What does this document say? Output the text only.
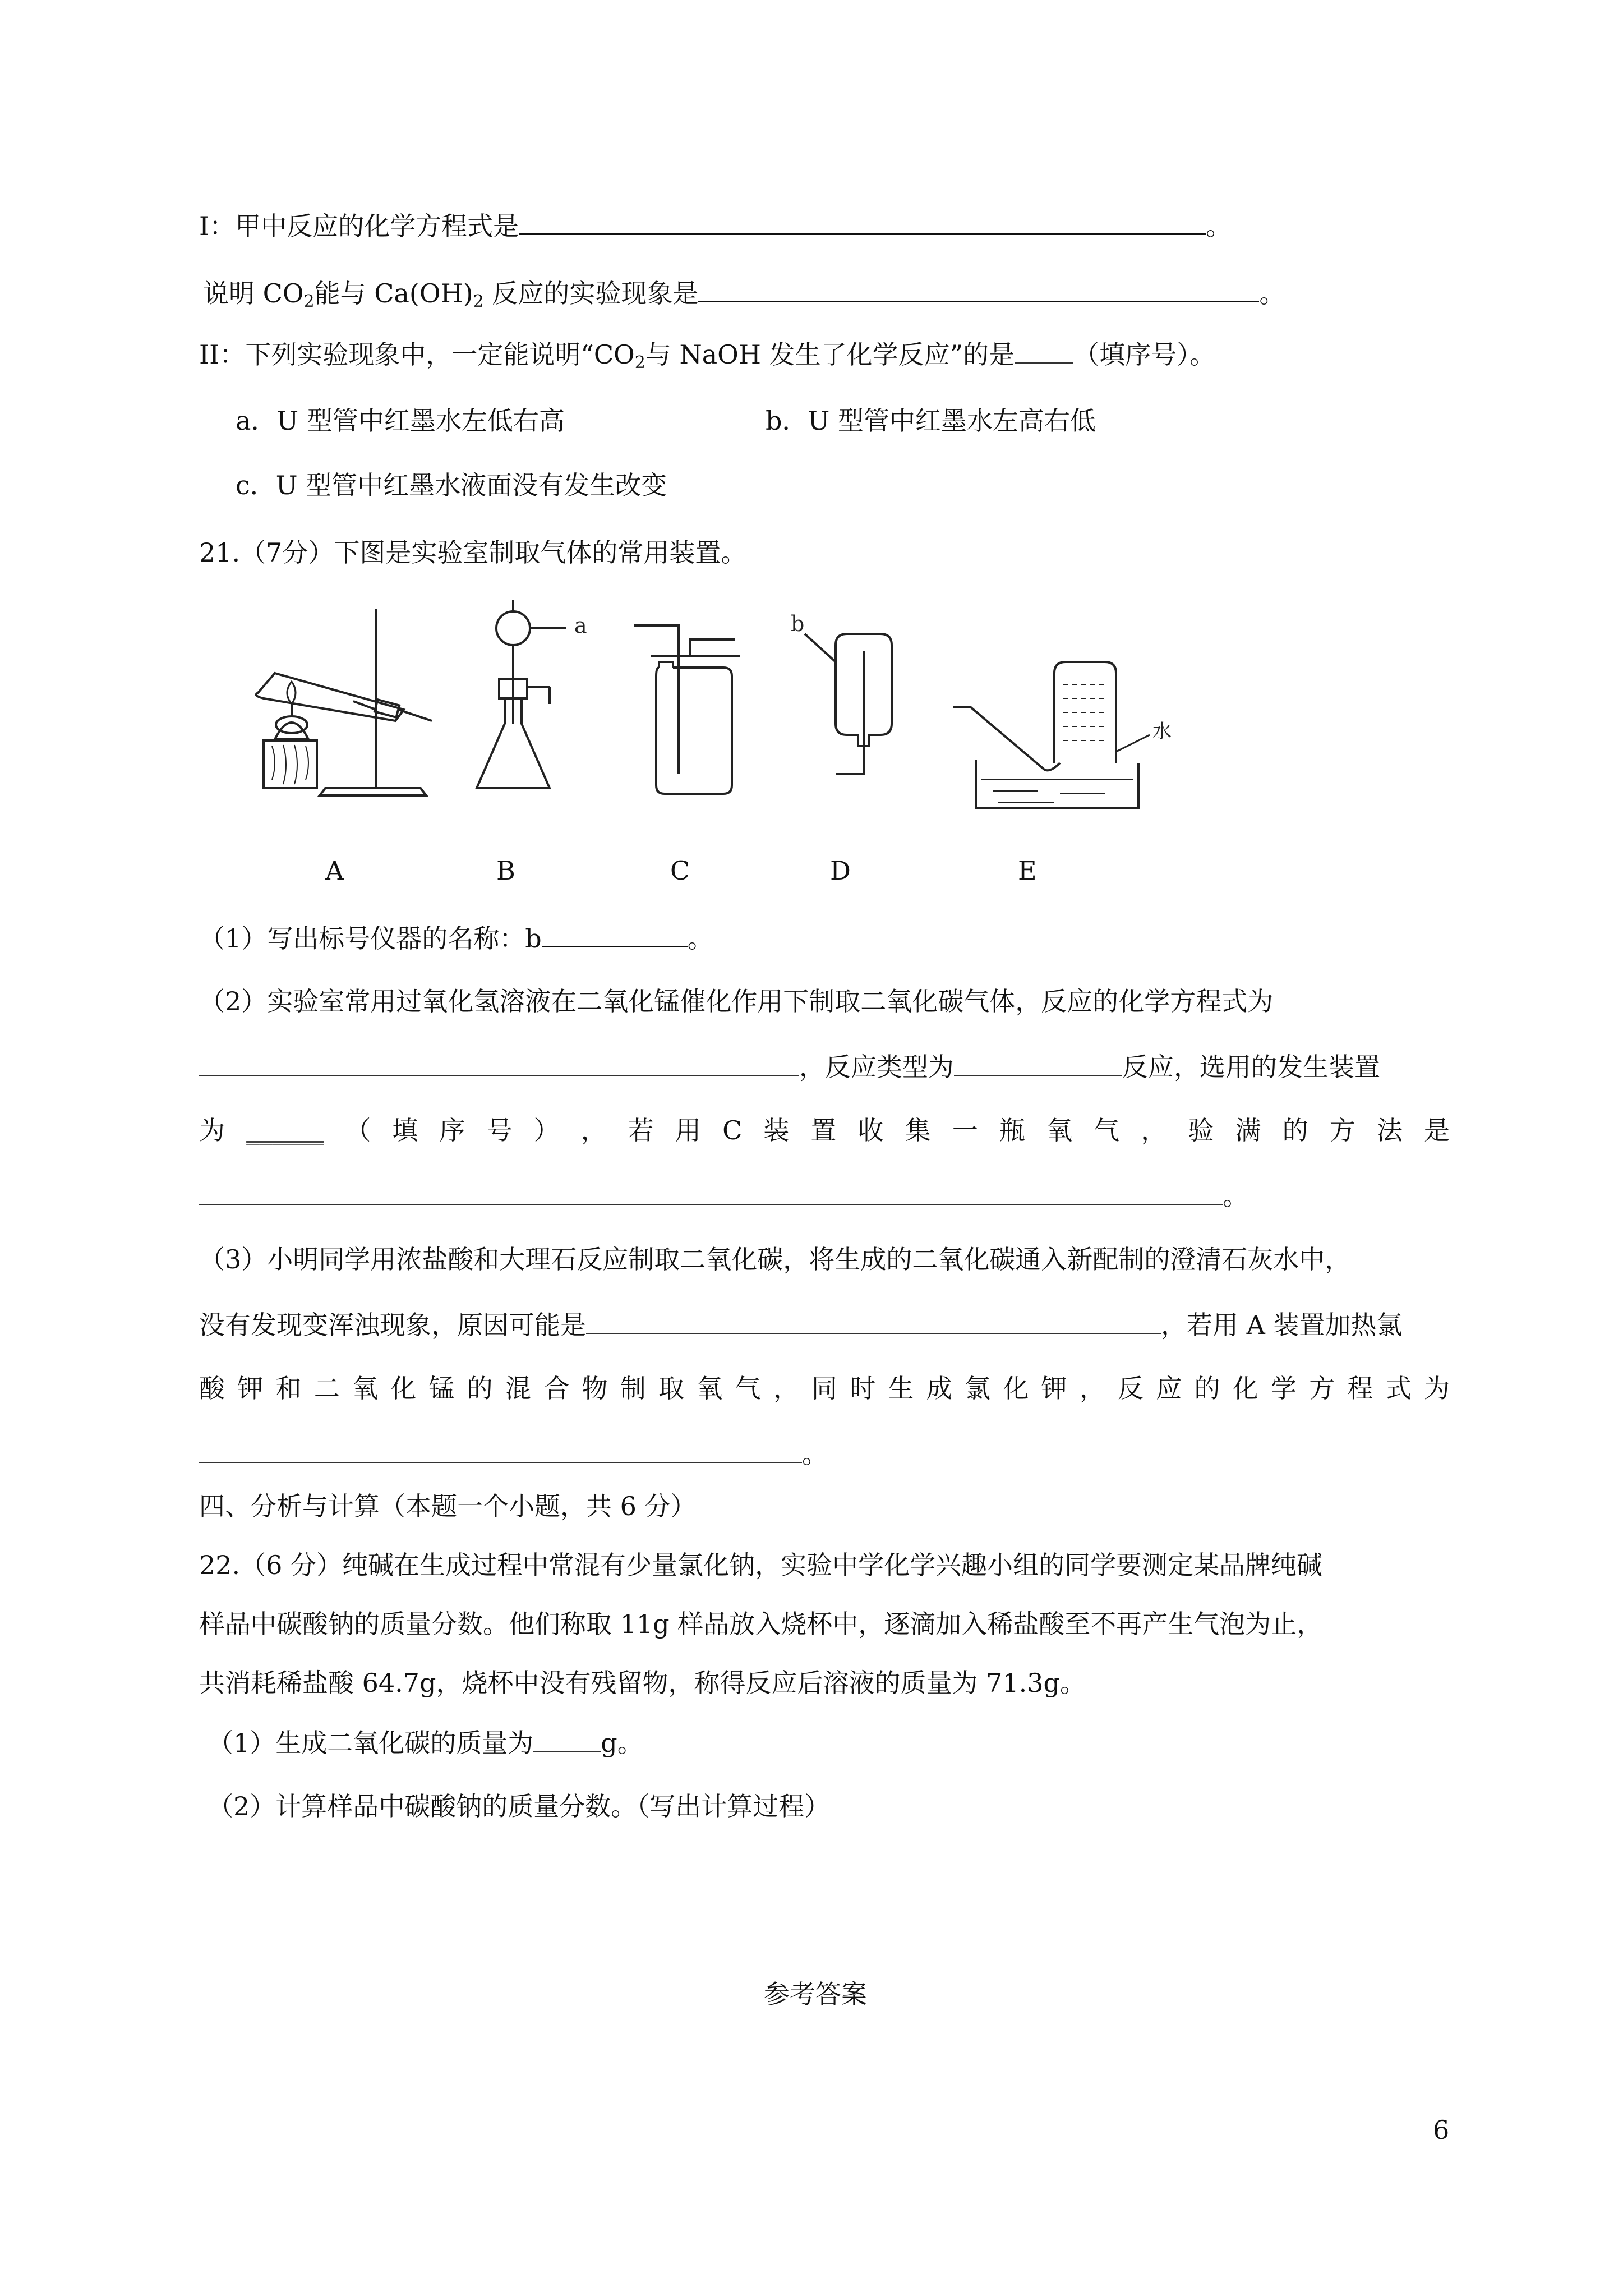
I：甲中反应的化学方程式是	。
说明 $CO_2$能与 $Ca(OH)_2$ 反应的实验现象是	。
II：下列实验现象中，一定能说明“$CO_2$与 NaOH 发生了化学反应”的是 （填序号）。
a．U 型管中红墨水左低右高	b．U 型管中红墨水左高右低
c．U 型管中红墨水液面没有发生改变
21.（7分）下图是实验室制取气体的常用装置。
a	b
水
A	B	C	D	E
（1）写出标号仪器的名称：b	。
（2）实验室常用过氧化氢溶液在二氧化锰催化作用下制取二氧化碳气体，反应的化学方程式为
，反应类型为	反应，选用的发生装置
为 ______ （ 填 序 号 ） ， 若 用 C 装 置 收 集 一 瓶 氧 气 ， 验 满 的 方 法 是
。
（3）小明同学用浓盐酸和大理石反应制取二氧化碳，将生成的二氧化碳通入新配制的澄清石灰水中，
没有发现变浑浊现象，原因可能是	，若用 A 装置加热氯
酸 钾 和 二 氧 化 锰 的 混 合 物 制 取 氧 气 ， 同 时 生 成 氯 化 钾 ， 反 应 的 化 学 方 程 式 为
。
四、分析与计算（本题一个小题，共 6 分）
22.（6 分）纯碱在生成过程中常混有少量氯化钠，实验中学化学兴趣小组的同学要测定某品牌纯碱
样品中碳酸钠的质量分数。他们称取 11g 样品放入烧杯中，逐滴加入稀盐酸至不再产生气泡为止，
共消耗稀盐酸 64.7g，烧杯中没有残留物，称得反应后溶液的质量为 71.3g。
（1）生成二氧化碳的质量为	g。
（2）计算样品中碳酸钠的质量分数。（写出计算过程）
参考答案
6
